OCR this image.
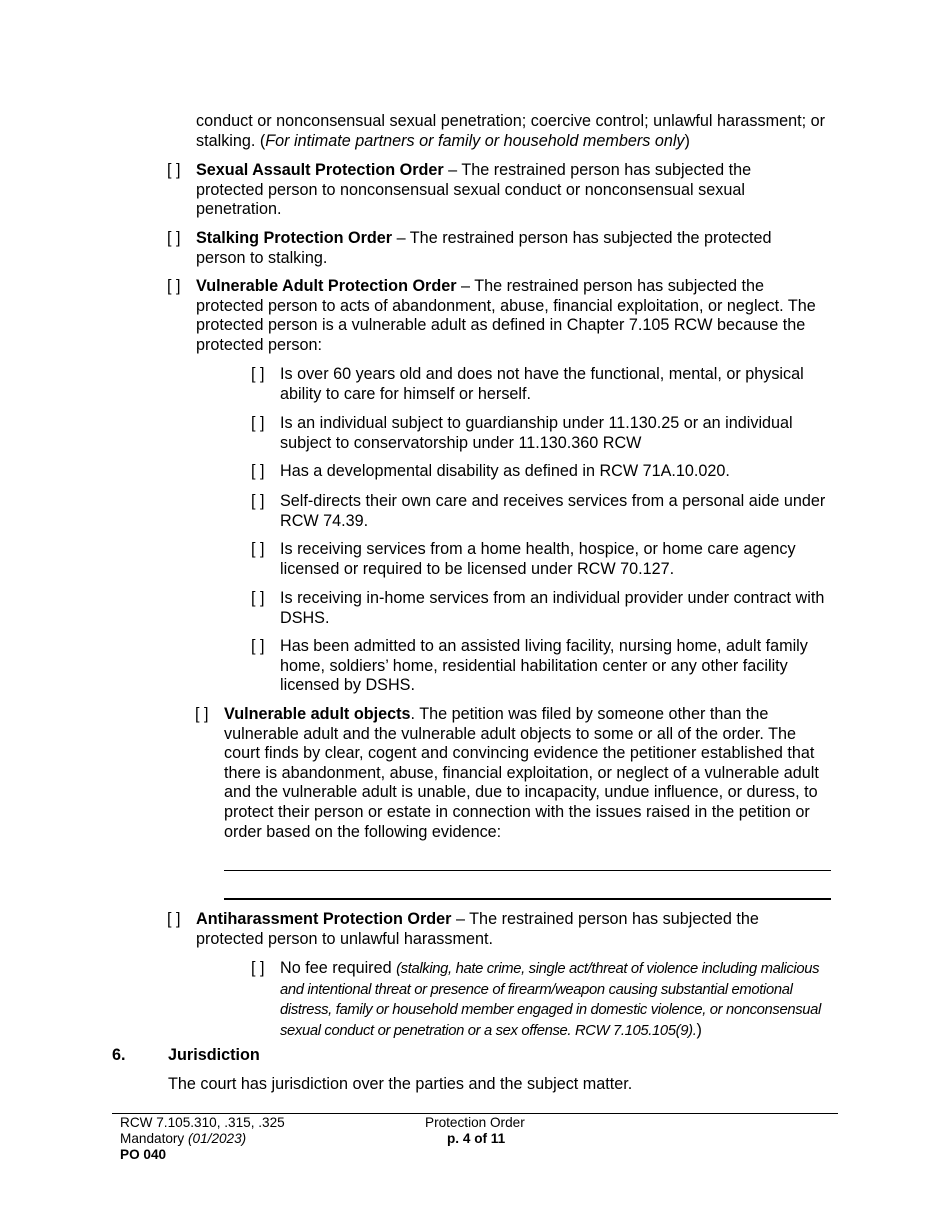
conduct or nonconsensual sexual penetration; coercive control; unlawful harassment; or stalking. (For intimate partners or family or household members only)
[ ] Sexual Assault Protection Order – The restrained person has subjected the protected person to nonconsensual sexual conduct or nonconsensual sexual penetration.
[ ] Stalking Protection Order – The restrained person has subjected the protected person to stalking.
[ ] Vulnerable Adult Protection Order – The restrained person has subjected the protected person to acts of abandonment, abuse, financial exploitation, or neglect. The protected person is a vulnerable adult as defined in Chapter 7.105 RCW because the protected person:
[ ] Is over 60 years old and does not have the functional, mental, or physical ability to care for himself or herself.
[ ] Is an individual subject to guardianship under 11.130.25 or an individual subject to conservatorship under 11.130.360 RCW
[ ] Has a developmental disability as defined in RCW 71A.10.020.
[ ] Self-directs their own care and receives services from a personal aide under RCW 74.39.
[ ] Is receiving services from a home health, hospice, or home care agency licensed or required to be licensed under RCW 70.127.
[ ] Is receiving in-home services from an individual provider under contract with DSHS.
[ ] Has been admitted to an assisted living facility, nursing home, adult family home, soldiers’ home, residential habilitation center or any other facility licensed by DSHS.
[ ] Vulnerable adult objects. The petition was filed by someone other than the vulnerable adult and the vulnerable adult objects to some or all of the order. The court finds by clear, cogent and convincing evidence the petitioner established that there is abandonment, abuse, financial exploitation, or neglect of a vulnerable adult and the vulnerable adult is unable, due to incapacity, undue influence, or duress, to protect their person or estate in connection with the issues raised in the petition or order based on the following evidence:
[ ] Antiharassment Protection Order – The restrained person has subjected the protected person to unlawful harassment.
[ ] No fee required (stalking, hate crime, single act/threat of violence including malicious and intentional threat or presence of firearm/weapon causing substantial emotional distress, family or household member engaged in domestic violence, or nonconsensual sexual conduct or penetration or a sex offense. RCW 7.105.105(9).)
6.	Jurisdiction
The court has jurisdiction over the parties and the subject matter.
RCW 7.105.310, .315, .325
Mandatory (01/2023)
PO 040
Protection Order
p. 4 of 11
